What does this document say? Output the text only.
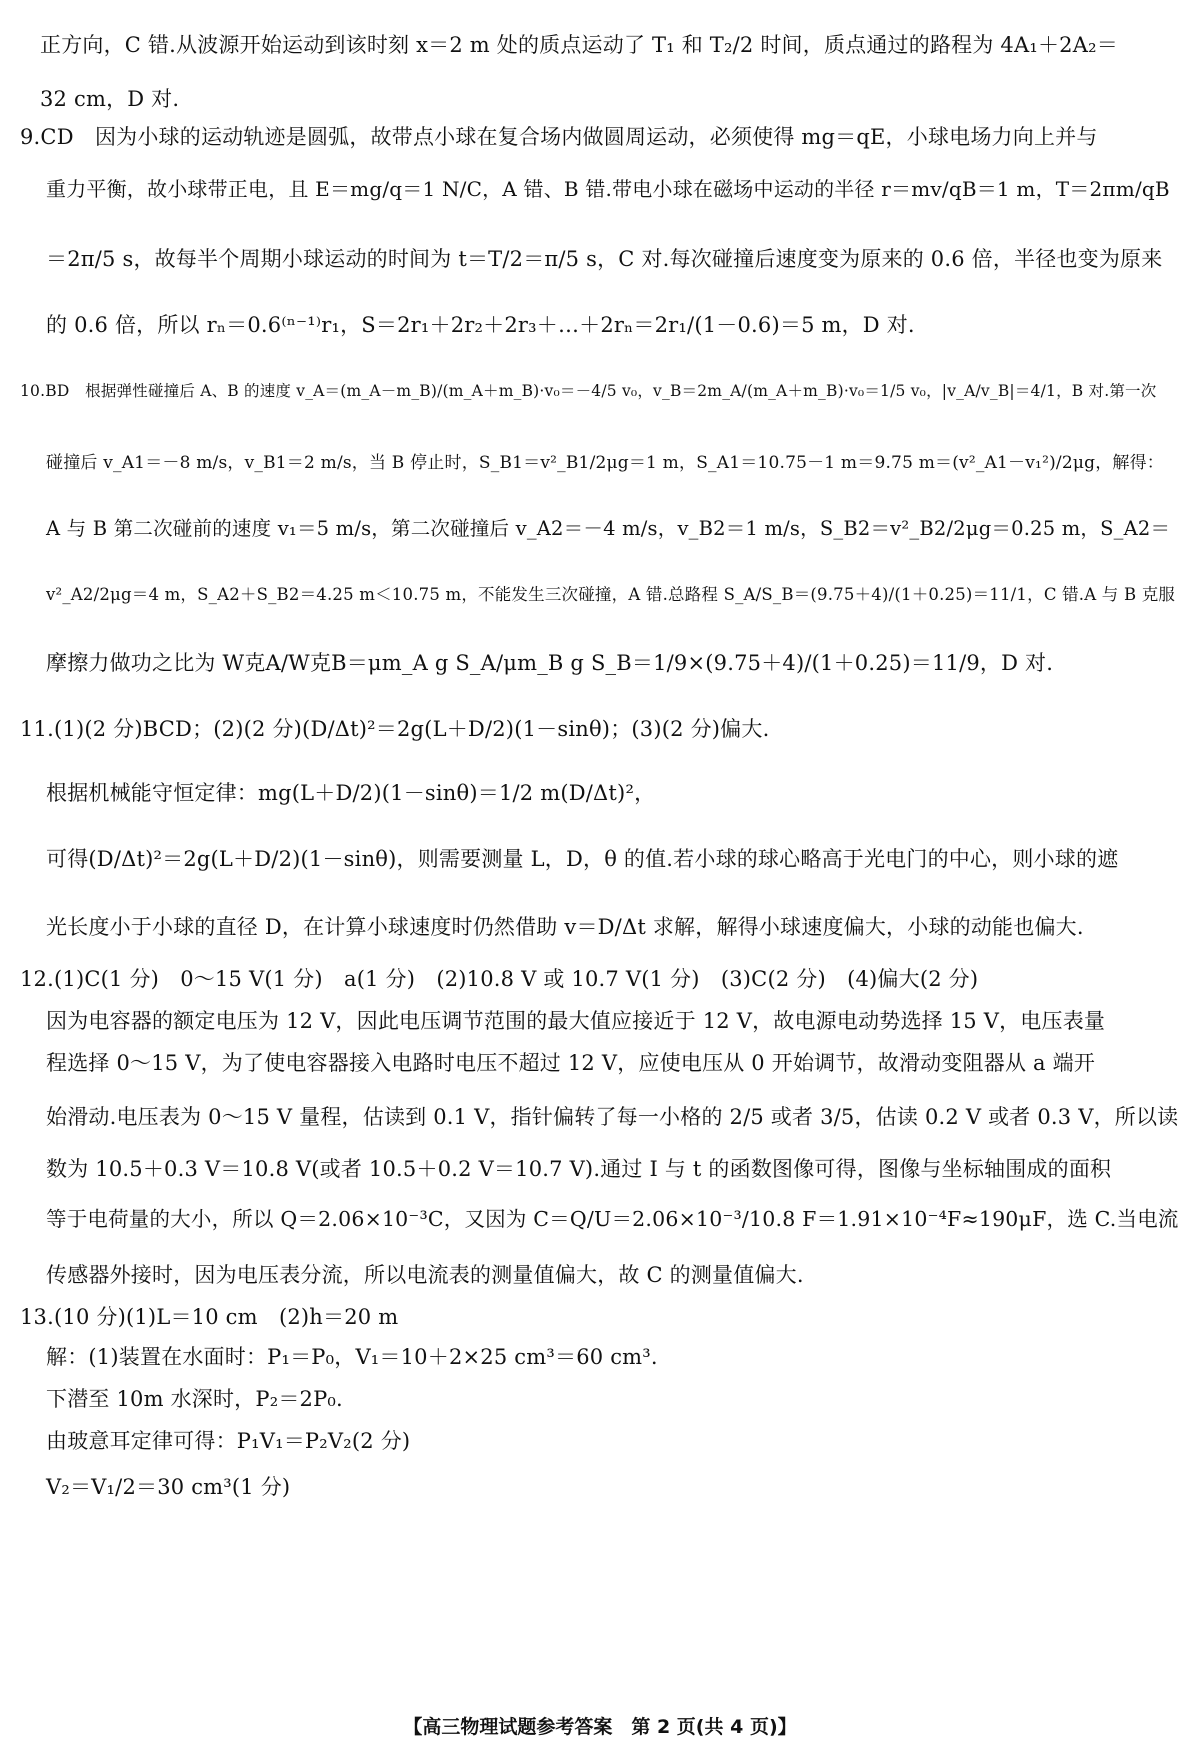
正方向，C 错.从波源开始运动到该时刻 x＝2 m 处的质点运动了 T₁ 和 T₂/2 时间，质点通过的路程为 4A₁＋2A₂＝
32 cm，D 对.
9.CD　因为小球的运动轨迹是圆弧，故带点小球在复合场内做圆周运动，必须使得 mg＝qE，小球电场力向上并与
重力平衡，故小球带正电，且 E＝mg/q＝1 N/C，A 错、B 错.带电小球在磁场中运动的半径 r＝mv/qB＝1 m，T＝2πm/qB
＝2π/5 s，故每半个周期小球运动的时间为 t＝T/2＝π/5 s，C 对.每次碰撞后速度变为原来的 0.6 倍，半径也变为原来
的 0.6 倍，所以 rₙ＝0.6⁽ⁿ⁻¹⁾r₁，S＝2r₁＋2r₂＋2r₃＋…＋2rₙ＝2r₁/(1－0.6)＝5 m，D 对.
10.BD　根据弹性碰撞后 A、B 的速度 v_A＝(m_A－m_B)/(m_A＋m_B)·v₀＝－4/5 v₀，v_B＝2m_A/(m_A＋m_B)·v₀＝1/5 v₀，|v_A/v_B|＝4/1，B 对.第一次
碰撞后 v_A1＝－8 m/s，v_B1＝2 m/s，当 B 停止时，S_B1＝v²_B1/2μg＝1 m，S_A1＝10.75－1 m＝9.75 m＝(v²_A1－v₁²)/2μg，解得：
A 与 B 第二次碰前的速度 v₁＝5 m/s，第二次碰撞后 v_A2＝－4 m/s，v_B2＝1 m/s，S_B2＝v²_B2/2μg＝0.25 m，S_A2＝
v²_A2/2μg＝4 m，S_A2＋S_B2＝4.25 m＜10.75 m，不能发生三次碰撞，A 错.总路程 S_A/S_B＝(9.75＋4)/(1＋0.25)＝11/1，C 错.A 与 B 克服
摩擦力做功之比为 W克A/W克B＝μm_A g S_A/μm_B g S_B＝1/9×(9.75＋4)/(1＋0.25)＝11/9，D 对.
11.(1)(2 分)BCD；(2)(2 分)(D/Δt)²＝2g(L＋D/2)(1－sinθ)；(3)(2 分)偏大.
根据机械能守恒定律：mg(L＋D/2)(1－sinθ)＝1/2 m(D/Δt)²，
可得(D/Δt)²＝2g(L＋D/2)(1－sinθ)，则需要测量 L，D，θ 的值.若小球的球心略高于光电门的中心，则小球的遮
光长度小于小球的直径 D，在计算小球速度时仍然借助 v＝D/Δt 求解，解得小球速度偏大，小球的动能也偏大.
12.(1)C(1 分)　0～15 V(1 分)　a(1 分)　(2)10.8 V 或 10.7 V(1 分)　(3)C(2 分)　(4)偏大(2 分)
因为电容器的额定电压为 12 V，因此电压调节范围的最大值应接近于 12 V，故电源电动势选择 15 V，电压表量
程选择 0～15 V，为了使电容器接入电路时电压不超过 12 V，应使电压从 0 开始调节，故滑动变阻器从 a 端开
始滑动.电压表为 0～15 V 量程，估读到 0.1 V，指针偏转了每一小格的 2/5 或者 3/5，估读 0.2 V 或者 0.3 V，所以读
数为 10.5＋0.3 V＝10.8 V(或者 10.5＋0.2 V＝10.7 V).通过 I 与 t 的函数图像可得，图像与坐标轴围成的面积
等于电荷量的大小，所以 Q＝2.06×10⁻³C，又因为 C＝Q/U＝2.06×10⁻³/10.8 F＝1.91×10⁻⁴F≈190μF，选 C.当电流
传感器外接时，因为电压表分流，所以电流表的测量值偏大，故 C 的测量值偏大.
13.(10 分)(1)L＝10 cm　(2)h＝20 m
解：(1)装置在水面时：P₁＝P₀，V₁＝10＋2×25 cm³＝60 cm³.
下潜至 10m 水深时，P₂＝2P₀.
由玻意耳定律可得：P₁V₁＝P₂V₂(2 分)
V₂＝V₁/2＝30 cm³(1 分)
【高三物理试题参考答案　第 2 页(共 4 页)】
